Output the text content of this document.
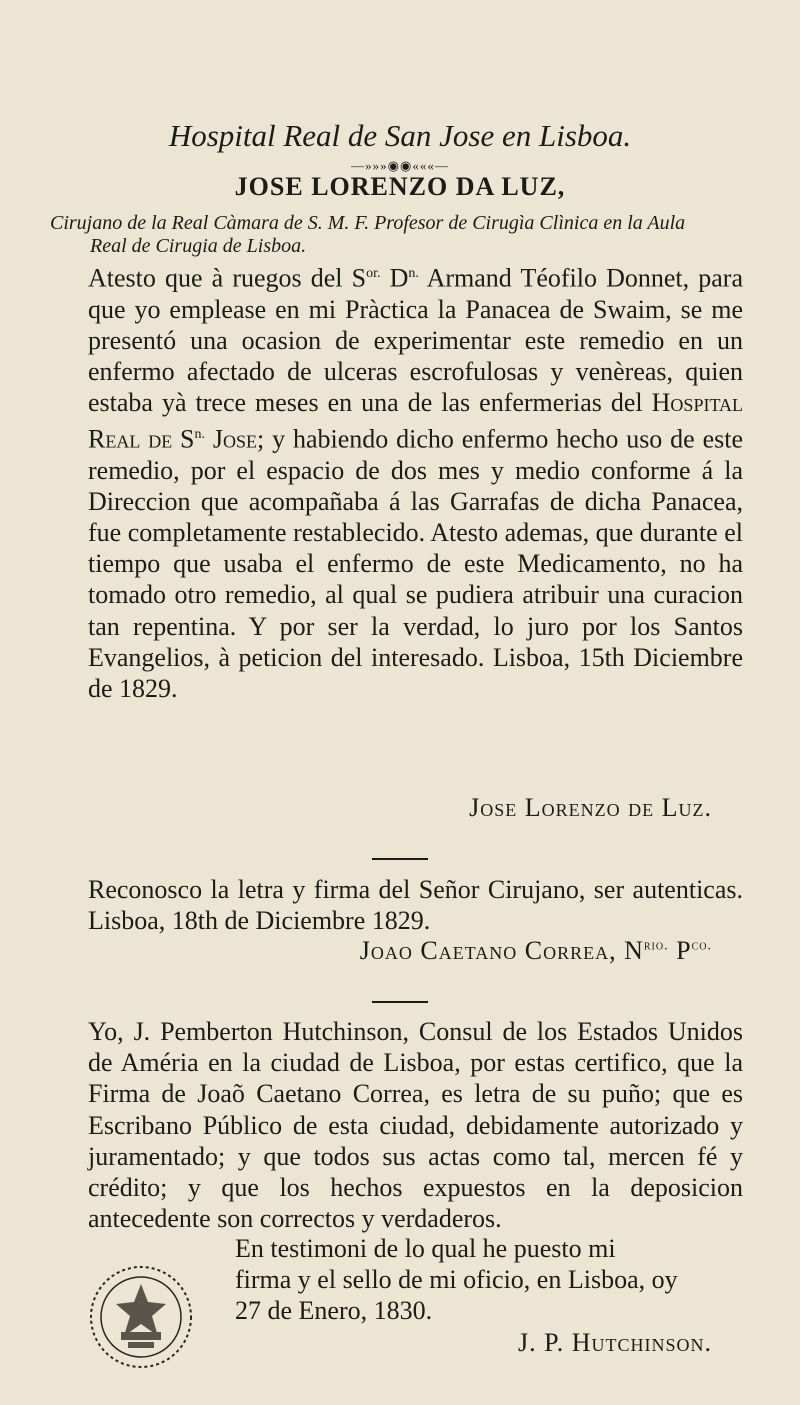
Hospital Real de San Jose en Lisboa.
—»»»◉◉«««—
JOSE LORENZO DA LUZ,
Cirujano de la Real Càmara de S. M. F. Profesor de Cirugìa Clìnica en la Aula Real de Cirugia de Lisboa.

Atesto que à ruegos del $S^{or.}$ $D^{n.}$ Armand Téofilo Donnet, para que yo emplease en mi Pràctica la Panacea de Swaim, se me presentó una ocasion de experimentar este remedio en un enfermo afectado de ulceras escrofulosas y venèreas, quien estaba yà trece meses en una de las enfermerias del Hospital Real de $S^{n.}$ Jose; y habiendo dicho enfermo hecho uso de este remedio, por el espacio de dos mes y medio conforme á la Direccion que acompañaba á las Garrafas de dicha Panacea, fue completamente restablecido. Atesto ademas, que durante el tiempo que usaba el enfermo de este Medicamento, no ha tomado otro remedio, al qual se pudiera atribuir una curacion tan repentina. Y por ser la verdad, lo juro por los Santos Evangelios, à peticion del interesado. Lisboa, 15th Diciembre de 1829.

Jose Lorenzo de Luz.

Reconosco la letra y firma del Señor Cirujano, ser autenticas. Lisboa, 18th de Diciembre 1829.

Joao Caetano Correa, $N^{rio.}$ $P^{co.}$

Yo, J. Pemberton Hutchinson, Consul de los Estados Unidos de Améria en la ciudad de Lisboa, por estas certifico, que la Firma de Joaõ Caetano Correa, es letra de su puño; que es Escribano Público de esta ciudad, debidamente autorizado y juramentado; y que todos sus actas como tal, mercen fé y crédito; y que los hechos expuestos en la deposicion antecedente son correctos y verdaderos.

En testimoni de lo qual he puesto mi
firma y el sello de mi oficio, en Lisboa, oy
27 de Enero, 1830.
J. P. Hutchinson.
